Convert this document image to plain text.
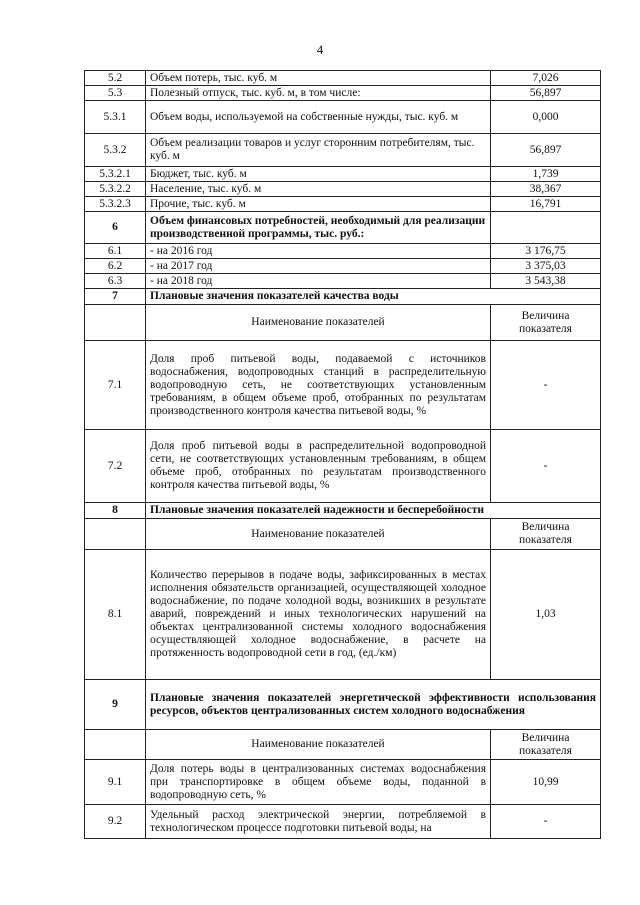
4
5.2	Объем потерь, тыс. куб. м	7,026
5.3	Полезный отпуск, тыс. куб. м, в том числе:	56,897
5.3.1	Объем воды, используемой на собственные нужды, тыс. куб. м	0,000
5.3.2	Объем реализации товаров и услуг сторонним потребителям, тыс. куб. м	56,897
5.3.2.1	Бюджет, тыс. куб. м	1,739
5.3.2.2	Население, тыс. куб. м	38,367
5.3.2.3	Прочие, тыс. куб. м	16,791
6	Объем финансовых потребностей, необходимый для реализации производственной программы, тыс. руб.:	
6.1	- на 2016 год	3 176,75
6.2	- на 2017 год	3 375,03
6.3	- на 2018 год	3 543,38
7	Плановые значения показателей качества воды	
	Наименование показателей	Величина показателя
7.1	Доля проб питьевой воды, подаваемой с источников водоснабжения, водопроводных станций в распределительную водопроводную сеть, не соответствующих установленным требованиям, в общем объеме проб, отобранных по результатам производственного контроля качества питьевой воды, %	-
7.2	Доля проб питьевой воды в распределительной водопроводной сети, не соответствующих установленным требованиям, в общем объеме проб, отобранных по результатам производственного контроля качества питьевой воды, %	-
8	Плановые значения показателей надежности и бесперебойности	
	Наименование показателей	Величина показателя
8.1	Количество перерывов в подаче воды, зафиксированных в местах исполнения обязательств организацией, осуществляющей холодное водоснабжение, по подаче холодной воды, возникших в результате аварий, повреждений и иных технологических нарушений на объектах централизованной системы холодного водоснабжения осуществляющей холодное водоснабжение, в расчете на протяженность водопроводной сети в год, (ед./км)	1,03
9	Плановые значения показателей энергетической эффективности использования ресурсов, объектов централизованных систем холодного водоснабжения	
	Наименование показателей	Величина показателя
9.1	Доля потерь воды в централизованных системах водоснабжения при транспортировке в общем объеме воды, поданной в водопроводную сеть, %	10,99
9.2	Удельный расход электрической энергии, потребляемой в технологическом процессе подготовки питьевой воды, на	-
